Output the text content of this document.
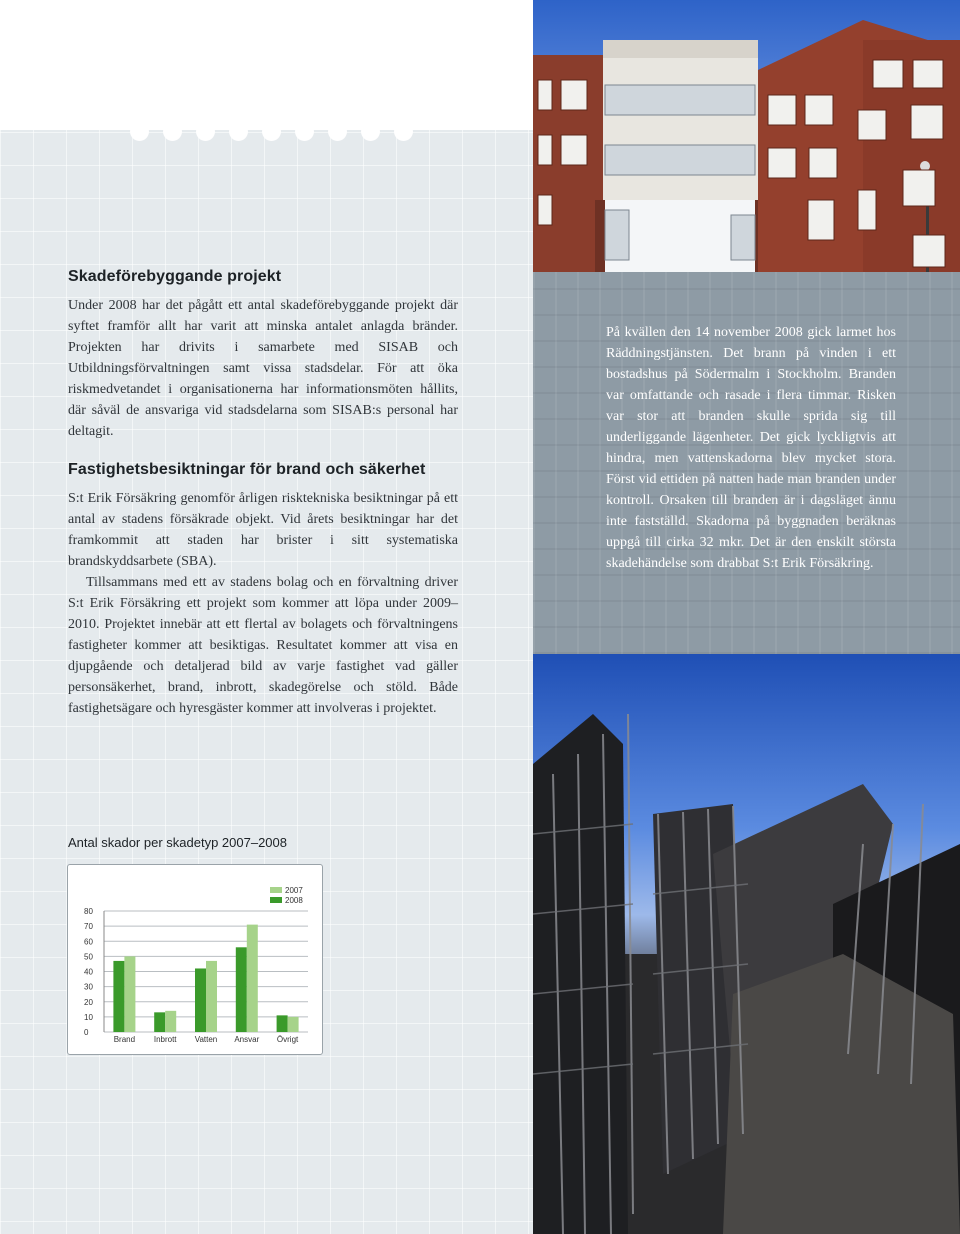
Skadeförebyggande projekt

Under 2008 har det pågått ett antal skadeförebyggande projekt där syftet framför allt har varit att minska antalet anlagda bränder. Projekten har drivits i samarbete med SISAB och Utbildningsförvaltningen samt vissa stadsdelar. För att öka riskmedvetandet i organisationerna har informationsmöten hållits, där såväl de ansvariga vid stadsdelarna som SISAB:s personal har deltagit.

Fastighetsbesiktningar för brand och säkerhet

S:t Erik Försäkring genomför årligen risktekniska besiktningar på ett antal av stadens försäkrade objekt. Vid årets besiktningar har det framkommit att staden har brister i sitt systematiska brandskyddsarbete (SBA).

Tillsammans med ett av stadens bolag och en förvaltning driver S:t Erik Försäkring ett projekt som kommer att löpa under 2009–2010. Projektet innebär att ett flertal av bolagets och förvaltningens fastigheter kommer att besiktigas. Resultatet kommer att visa en djupgående och detaljerad bild av varje fastighet vad gäller personsäkerhet, brand, inbrott, skadegörelse och stöld. Både fastighetsägare och hyresgäster kommer att involveras i projektet.

Antal skador per skadetyp 2007–2008
0
10
20
30
40
50
60
70
80
Brand Inbrott Vatten Ansvar Övrigt
2007
2008

På kvällen den 14 november 2008 gick larmet hos Räddningstjänsten. Det brann på vinden i ett bostadshus på Södermalm i Stockholm. Branden var omfattande och rasade i flera timmar. Risken var stor att branden skulle sprida sig till underliggande lägenheter. Det gick lyckligtvis att hindra, men vattenskadorna blev mycket stora. Först vid ettiden på natten hade man branden under kontroll. Orsaken till branden är i dagsläget ännu inte fastställd. Skadorna på byggnaden beräknas uppgå till cirka 32 mkr. Det är den enskilt största skadehändelse som drabbat S:t Erik Försäkring.
